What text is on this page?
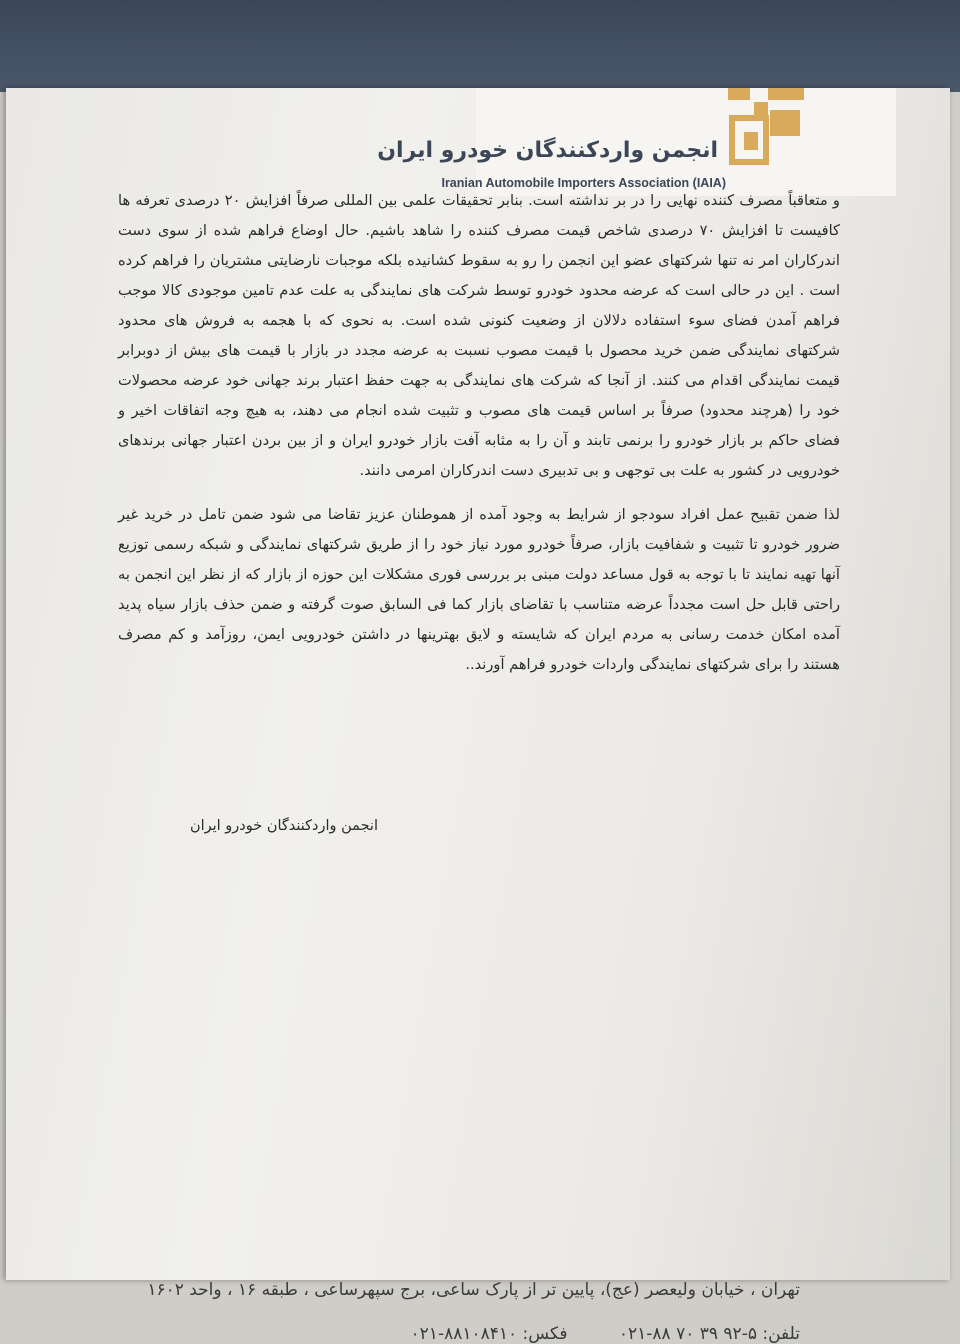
انجمن واردکنندگان خودرو ایران
Iranian Automobile Importers Association (IAIA)

و متعاقباً مصرف کننده نهایی را در بر نداشته است. بنابر تحقیقات علمی بین المللی صرفاً افزایش ۲۰ درصدی تعرفه ها کافیست تا افزایش ۷۰ درصدی شاخص قیمت مصرف کننده را شاهد باشیم. حال اوضاع فراهم شده از سوی دست اندرکاران امر نه تنها شرکتهای عضو این انجمن را رو به سقوط کشانیده بلکه موجبات نارضایتی مشتریان را فراهم کرده است . این در حالی است که عرضه محدود خودرو توسط شرکت های نمایندگی به علت عدم تامین موجودی کالا موجب فراهم آمدن فضای سوء استفاده دلالان از وضعیت کنونی شده است. به نحوی که با هجمه به فروش های محدود شرکتهای نمایندگی ضمن خرید محصول با قیمت مصوب نسبت به عرضه مجدد در بازار با قیمت های بیش از دوبرابر قیمت نمایندگی اقدام می کنند. از آنجا که شرکت های نمایندگی به جهت حفظ اعتبار برند جهانی خود عرضه محصولات خود را (هرچند محدود) صرفاً بر اساس قیمت های مصوب و تثبیت شده انجام می دهند، به هیچ وجه اتفاقات اخیر و فضای حاکم بر بازار خودرو را برنمی تابند و آن را به مثابه آفت بازار خودرو ایران و از بین بردن اعتبار جهانی برندهای خودرویی در کشور به علت بی توجهی و بی تدبیری دست اندرکاران امرمی دانند.

لذا ضمن تقبیح عمل افراد سودجو از شرایط به وجود آمده از هموطنان عزیز تقاضا می شود ضمن تامل در خرید غیر ضرور خودرو تا تثبیت و شفافیت بازار، صرفاً خودرو مورد نیاز خود را از طریق شرکتهای نمایندگی و شبکه رسمی توزیع آنها تهیه نمایند تا با توجه به قول مساعد دولت مبنی بر بررسی فوری مشکلات این حوزه از بازار که از نظر این انجمن به راحتی قابل حل است مجدداً عرضه متناسب با تقاضای بازار کما فی السابق صوت گرفته و ضمن حذف بازار سیاه پدید آمده امکان خدمت رسانی به مردم ایران که شایسته و لایق بهترینها در داشتن خودرویی ایمن، روزآمد و کم مصرف هستند را برای شرکتهای نمایندگی واردات خودرو فراهم آورند..

انجمن واردکنندگان خودرو ایران
تهران ، خیابان ولیعصر (عج)، پایین تر از پارک ساعی، برج سپهرساعی ، طبقه ۱۶ ، واحد ۱۶۰۲
تلفن: ۵-۹۲ ۳۹ ۷۰ ۸۸-۰۲۱ فکس: ۸۸۱۰۸۴۱۰-۰۲۱
